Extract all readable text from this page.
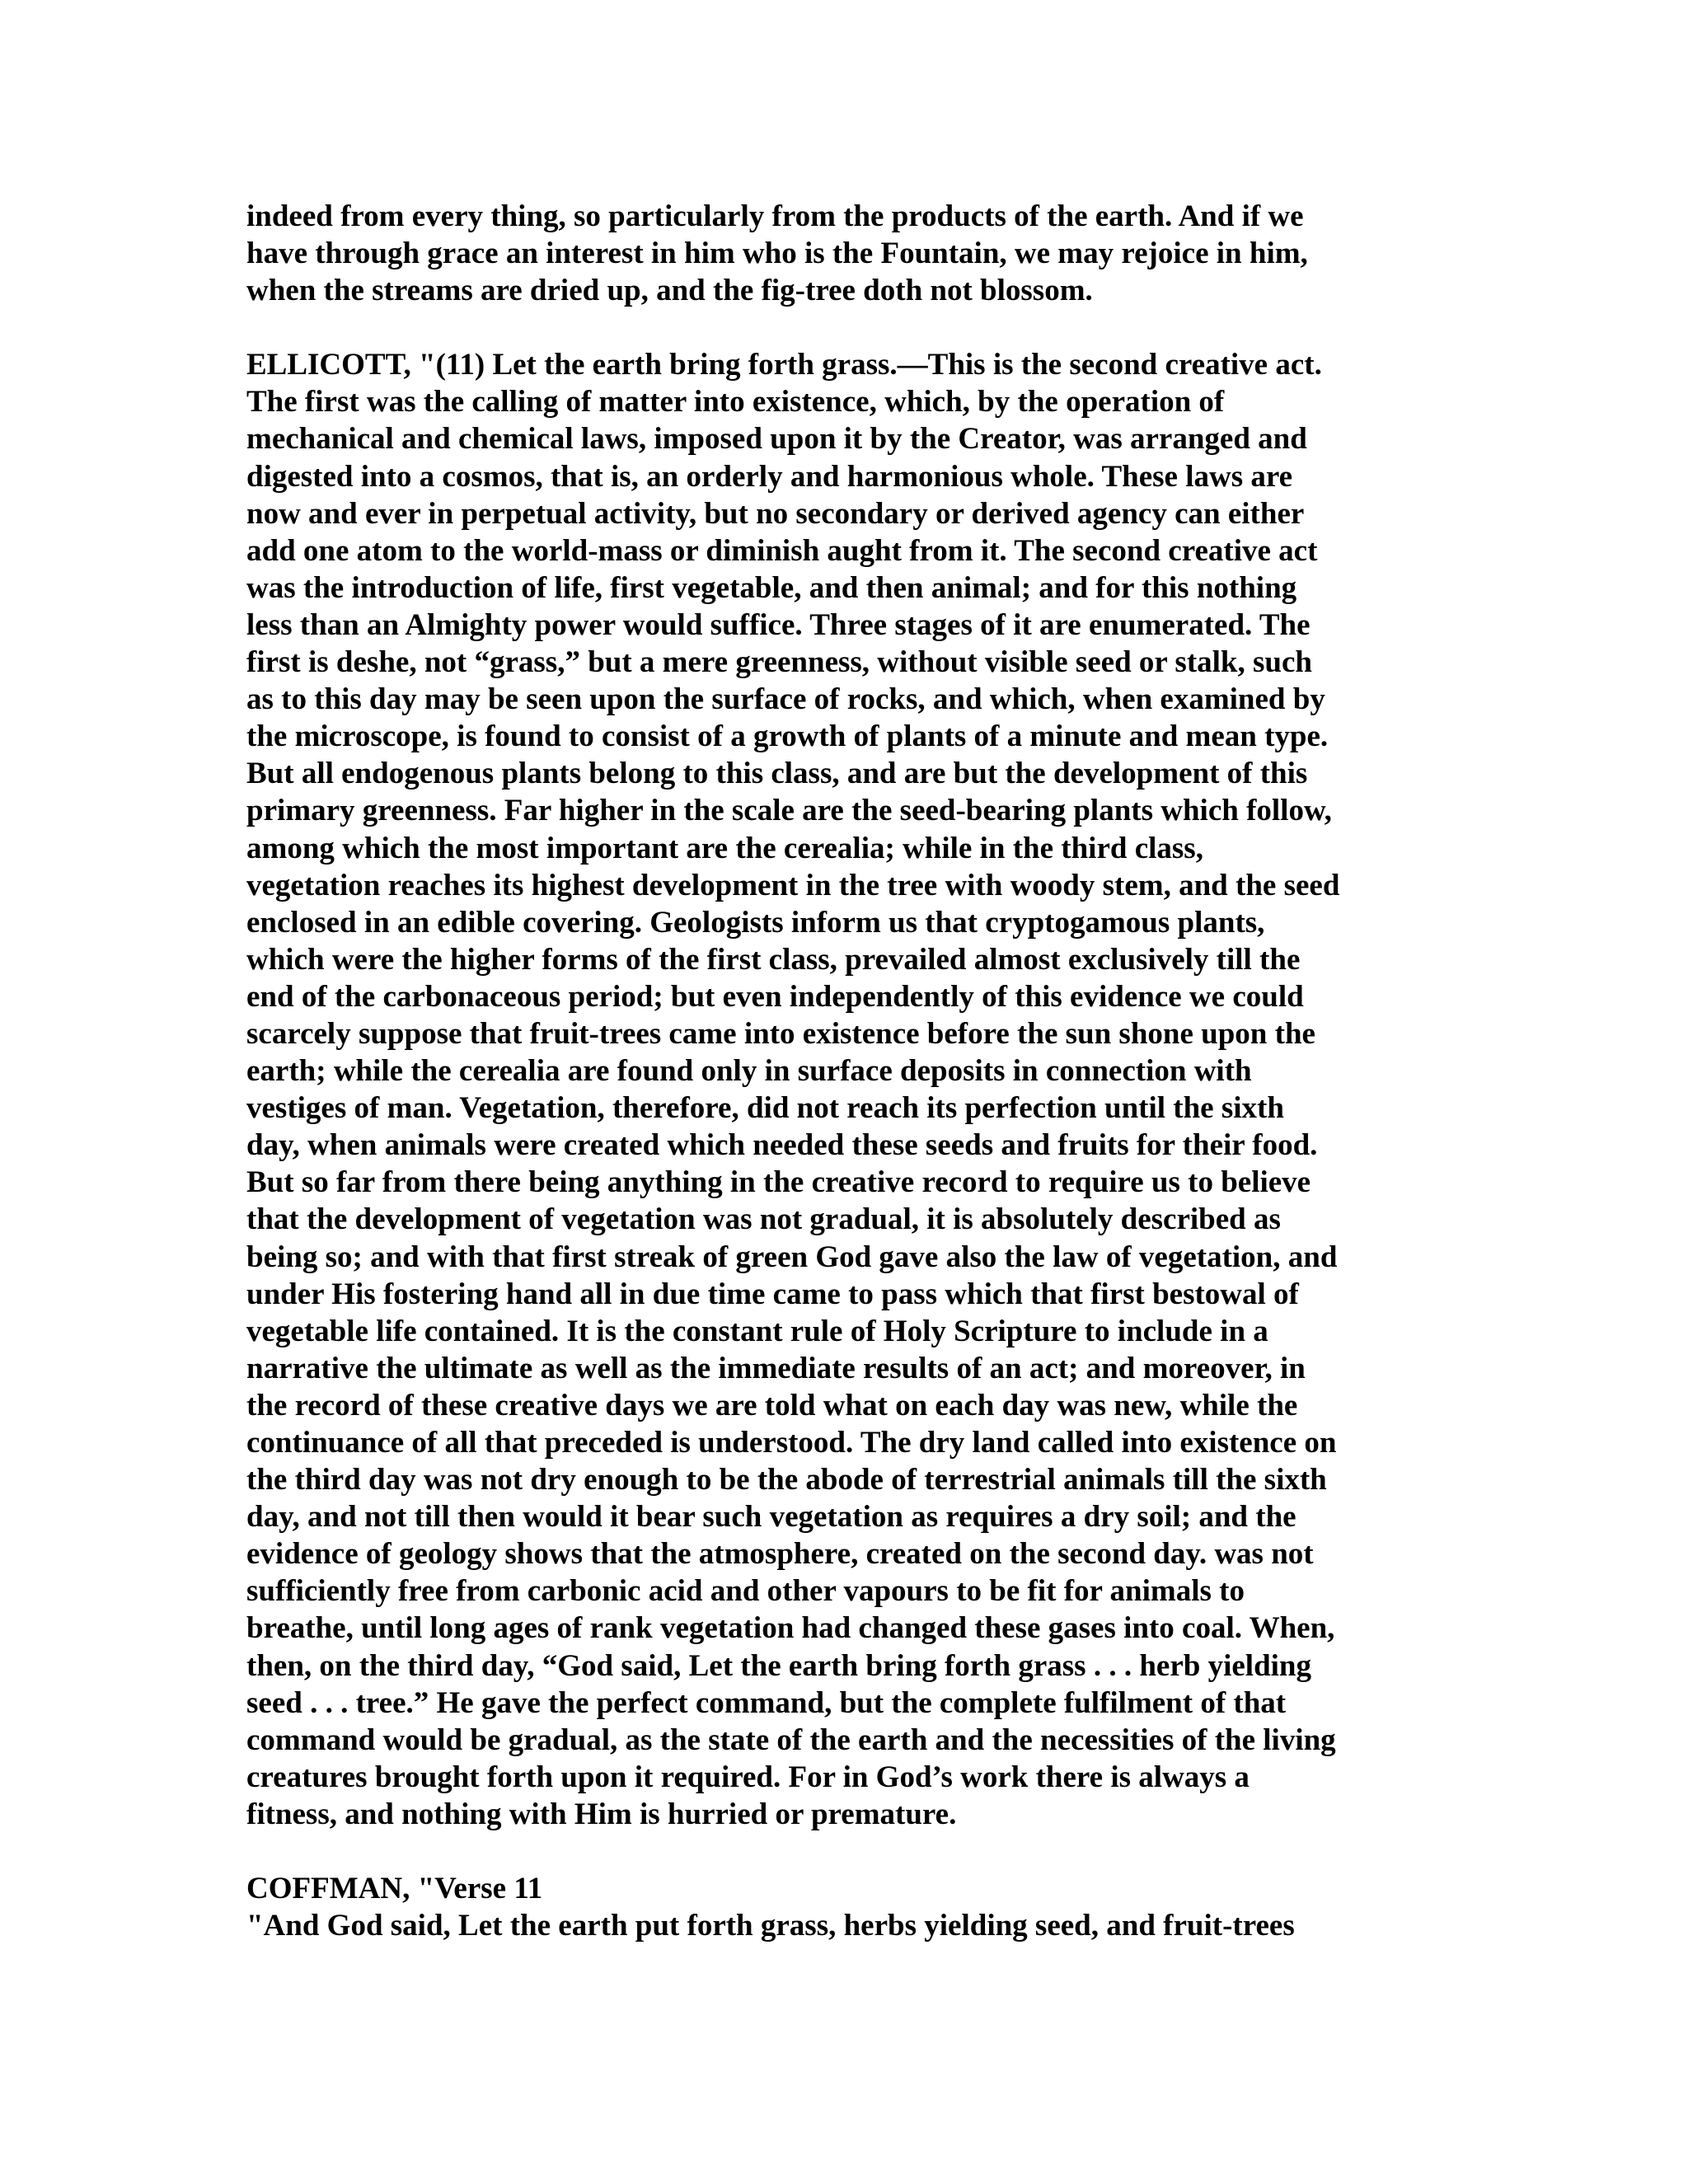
indeed from every thing, so particularly from the products of the earth. And if we
have through grace an interest in him who is the Fountain, we may rejoice in him,
when the streams are dried up, and the fig-tree doth not blossom.
ELLICOTT, "(11) Let the earth bring forth grass.—This is the second creative act.
The first was the calling of matter into existence, which, by the operation of
mechanical and chemical laws, imposed upon it by the Creator, was arranged and
digested into a cosmos, that is, an orderly and harmonious whole. These laws are
now and ever in perpetual activity, but no secondary or derived agency can either
add one atom to the world-mass or diminish aught from it. The second creative act
was the introduction of life, first vegetable, and then animal; and for this nothing
less than an Almighty power would suffice. Three stages of it are enumerated. The
first is deshe, not “grass,” but a mere greenness, without visible seed or stalk, such
as to this day may be seen upon the surface of rocks, and which, when examined by
the microscope, is found to consist of a growth of plants of a minute and mean type.
But all endogenous plants belong to this class, and are but the development of this
primary greenness. Far higher in the scale are the seed-bearing plants which follow,
among which the most important are the cerealia; while in the third class,
vegetation reaches its highest development in the tree with woody stem, and the seed
enclosed in an edible covering. Geologists inform us that cryptogamous plants,
which were the higher forms of the first class, prevailed almost exclusively till the
end of the carbonaceous period; but even independently of this evidence we could
scarcely suppose that fruit-trees came into existence before the sun shone upon the
earth; while the cerealia are found only in surface deposits in connection with
vestiges of man. Vegetation, therefore, did not reach its perfection until the sixth
day, when animals were created which needed these seeds and fruits for their food.
But so far from there being anything in the creative record to require us to believe
that the development of vegetation was not gradual, it is absolutely described as
being so; and with that first streak of green God gave also the law of vegetation, and
under His fostering hand all in due time came to pass which that first bestowal of
vegetable life contained. It is the constant rule of Holy Scripture to include in a
narrative the ultimate as well as the immediate results of an act; and moreover, in
the record of these creative days we are told what on each day was new, while the
continuance of all that preceded is understood. The dry land called into existence on
the third day was not dry enough to be the abode of terrestrial animals till the sixth
day, and not till then would it bear such vegetation as requires a dry soil; and the
evidence of geology shows that the atmosphere, created on the second day. was not
sufficiently free from carbonic acid and other vapours to be fit for animals to
breathe, until long ages of rank vegetation had changed these gases into coal. When,
then, on the third day, “God said, Let the earth bring forth grass . . . herb yielding
seed . . . tree.” He gave the perfect command, but the complete fulfilment of that
command would be gradual, as the state of the earth and the necessities of the living
creatures brought forth upon it required. For in God’s work there is always a
fitness, and nothing with Him is hurried or premature.
COFFMAN, "Verse 11
"And God said, Let the earth put forth grass, herbs yielding seed, and fruit-trees
